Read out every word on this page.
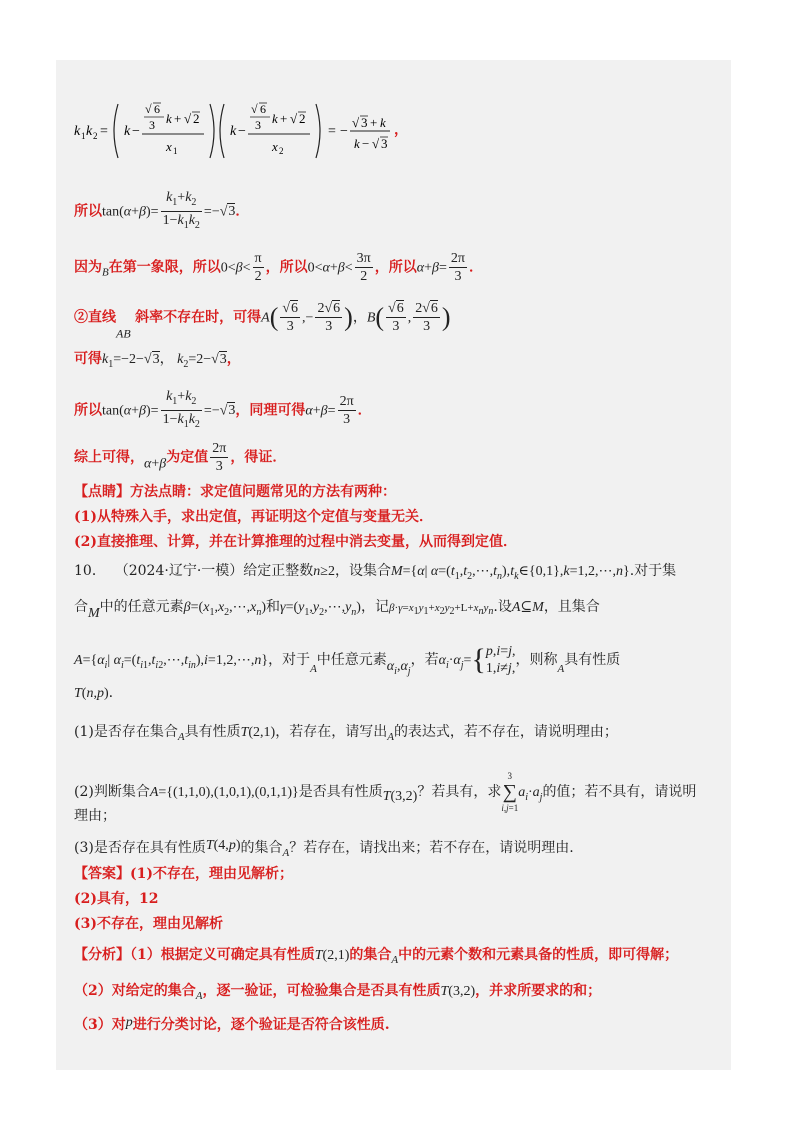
k 1 k 2 = k −
√ 6
3 k + √ 2
x 1
k −
√ 6
3 k + √ 2
x 2
= −
√ 3 + k
k − √ 3
，
所以$\tan(\alpha+\beta)= \frac{k_1+k_2}{1-k_1k_2} =-√3$．
因为$_B$在第一象限，所以$0<\beta< \frac{\pi}{2}$ ，所以$0<\alpha+\beta< \frac{3\pi}{2}$ ，所以$\alpha+\beta= \frac{2\pi}{3}$ ．
②直线AB 斜率不存在时，可得$A( \frac{√6}{3}$ ,− $\frac{2√6}{3}$ )，$B( \frac{√6}{3}$ , $\frac{2√6}{3}$ )
可得$k_1=-2-√3$， $k_2=2-√3$，
所以$\tan(\alpha+\beta)= \frac{k_1+k_2}{1-k_1k_2} =-√3$，同理可得$\alpha+\beta= \frac{2\pi}{3}$ ．
综上可得，α+β为定值 $\frac{2\pi}{3}$ ，得证．
【点睛】方法点睛：求定值问题常见的方法有两种：
(1)从特殊入手，求出定值，再证明这个定值与变量无关．
(2)直接推理、计算，并在计算推理的过程中消去变量，从而得到定值．
10． （2024·辽宁·一模）给定正整数n≥2，设集合M={α| $\alpha=(t_1,t_2,\cdots,t_n),t_k\in\{0,1\},k=1,2,\cdots,n$}.对于集
合M中的任意元素$\beta=(x_1,x_2,\cdots,x_n)$和$\gamma=(y_1,y_2,\cdots,y_n)$，记β·γ=x1y1+x2y2+L+xnyn.设A⊆M，且集合
$A=\{\alpha_i|$ $\alpha_i=(t_{i1},t_{i2},\cdots,t_{in}),i=1,2,\cdots,n$}，对于$_A$中任意元素$\alpha_i,\alpha_j$，若$\alpha_i\cdot\alpha_j=${ p,i=j,
1,i≠j,
，则称$_A$具有性质
T(n,p).
(1)是否存在集合$_A$具有性质T(2,1)，若存在，请写出$_A$的表达式，若不存在，请说明理由；
(2)判断集合A={(1,1,0),(1,0,1),(0,1,1)}是否具有性质T(3,2)？若具有，求
3
∑
i,j=1
$a_i\cdot a_j$的值；若不具有，请说明
理由；
(3)是否存在具有性质T(4,p)的集合$_A$？若存在，请找出来；若不存在，请说明理由.
【答案】(1)不存在，理由见解析；
(2)具有，12
(3)不存在，理由见解析
【分析】（1）根据定义可确定具有性质T(2,1)的集合$_A$中的元素个数和元素具备的性质，即可得解；
（2）对给定的集合$_A$，逐一验证，可检验集合是否具有性质T(3,2)，并求所要求的和；
（3）对p进行分类讨论，逐个验证是否符合该性质.
